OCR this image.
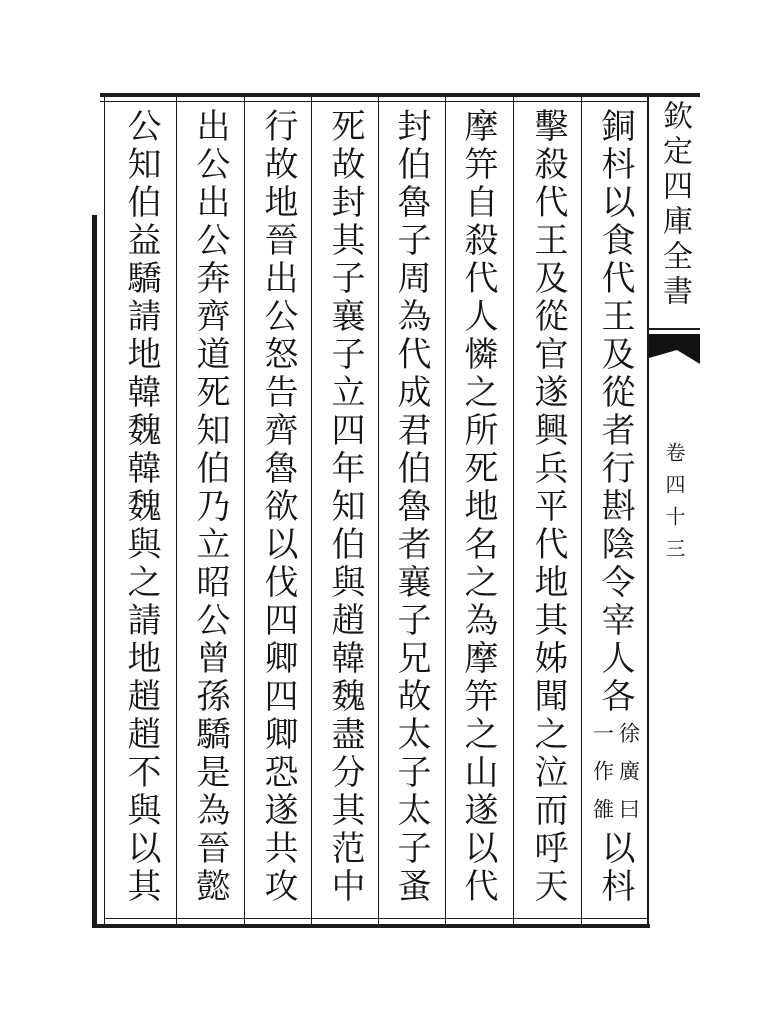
欽定四庫全書
卷四十三
銅枓以食代王及從者行斟陰令宰人各
徐廣曰
一作雒
以枓
擊殺代王及從官遂興兵平代地其姊聞之泣而呼天
摩笄自殺代人憐之所死地名之為摩笄之山遂以代
封伯魯子周為代成君伯魯者襄子兄故太子太子蚤
死故封其子襄子立四年知伯與趙韓魏盡分其范中
行故地晉出公怒告齊魯欲以伐四卿四卿恐遂共攻
出公出公奔齊道死知伯乃立昭公曾孫驕是為晉懿
公知伯益驕請地韓魏韓魏與之請地趙趙不與以其
